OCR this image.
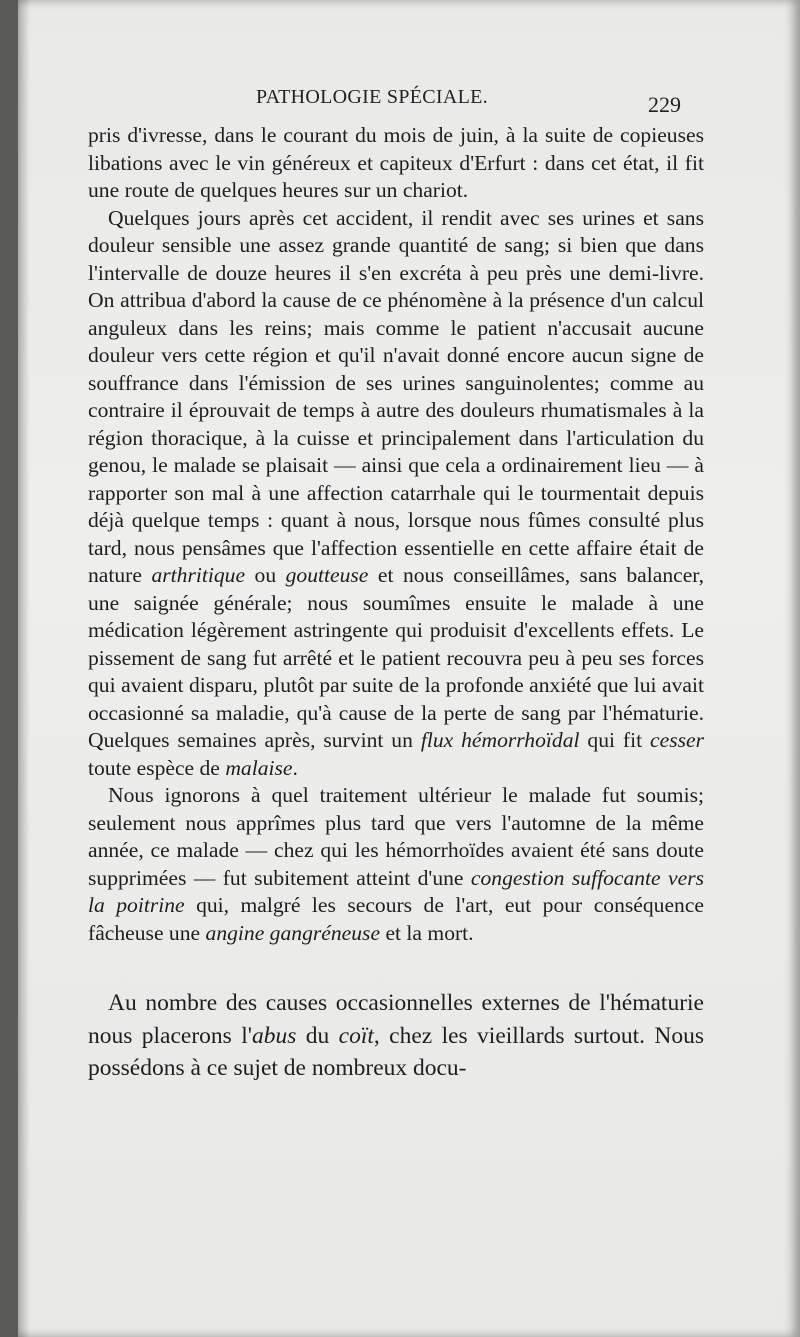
PATHOLOGIE SPÉCIALE.	229

pris d'ivresse, dans le courant du mois de juin, à la suite de copieuses libations avec le vin généreux et capiteux d'Erfurt : dans cet état, il fit une route de quelques heures sur un chariot.

Quelques jours après cet accident, il rendit avec ses urines et sans douleur sensible une assez grande quantité de sang; si bien que dans l'intervalle de douze heures il s'en excréta à peu près une demi-livre. On attribua d'abord la cause de ce phénomène à la présence d'un calcul anguleux dans les reins; mais comme le patient n'accusait aucune douleur vers cette région et qu'il n'avait donné encore aucun signe de souffrance dans l'émission de ses urines sanguinolentes; comme au contraire il éprouvait de temps à autre des douleurs rhumatismales à la région thoracique, à la cuisse et principalement dans l'articulation du genou, le malade se plaisait — ainsi que cela a ordinairement lieu — à rapporter son mal à une affection catarrhale qui le tourmentait depuis déjà quelque temps : quant à nous, lorsque nous fûmes consulté plus tard, nous pensâmes que l'affection essentielle en cette affaire était de nature arthritique ou goutteuse et nous conseillâmes, sans balancer, une saignée générale; nous soumîmes ensuite le malade à une médication légèrement astringente qui produisit d'excellents effets. Le pissement de sang fut arrêté et le patient recouvra peu à peu ses forces qui avaient disparu, plutôt par suite de la profonde anxiété que lui avait occasionné sa maladie, qu'à cause de la perte de sang par l'hématurie. Quelques semaines après, survint un flux hémorrhoïdal qui fit cesser toute espèce de malaise.

Nous ignorons à quel traitement ultérieur le malade fut soumis; seulement nous apprîmes plus tard que vers l'automne de la même année, ce malade — chez qui les hémorrhoïdes avaient été sans doute supprimées — fut subitement atteint d'une congestion suffocante vers la poitrine qui, malgré les secours de l'art, eut pour conséquence fâcheuse une angine gangréneuse et la mort.

Au nombre des causes occasionnelles externes de l'hématurie nous placerons l'abus du coït, chez les vieillards surtout. Nous possédons à ce sujet de nombreux docu-
